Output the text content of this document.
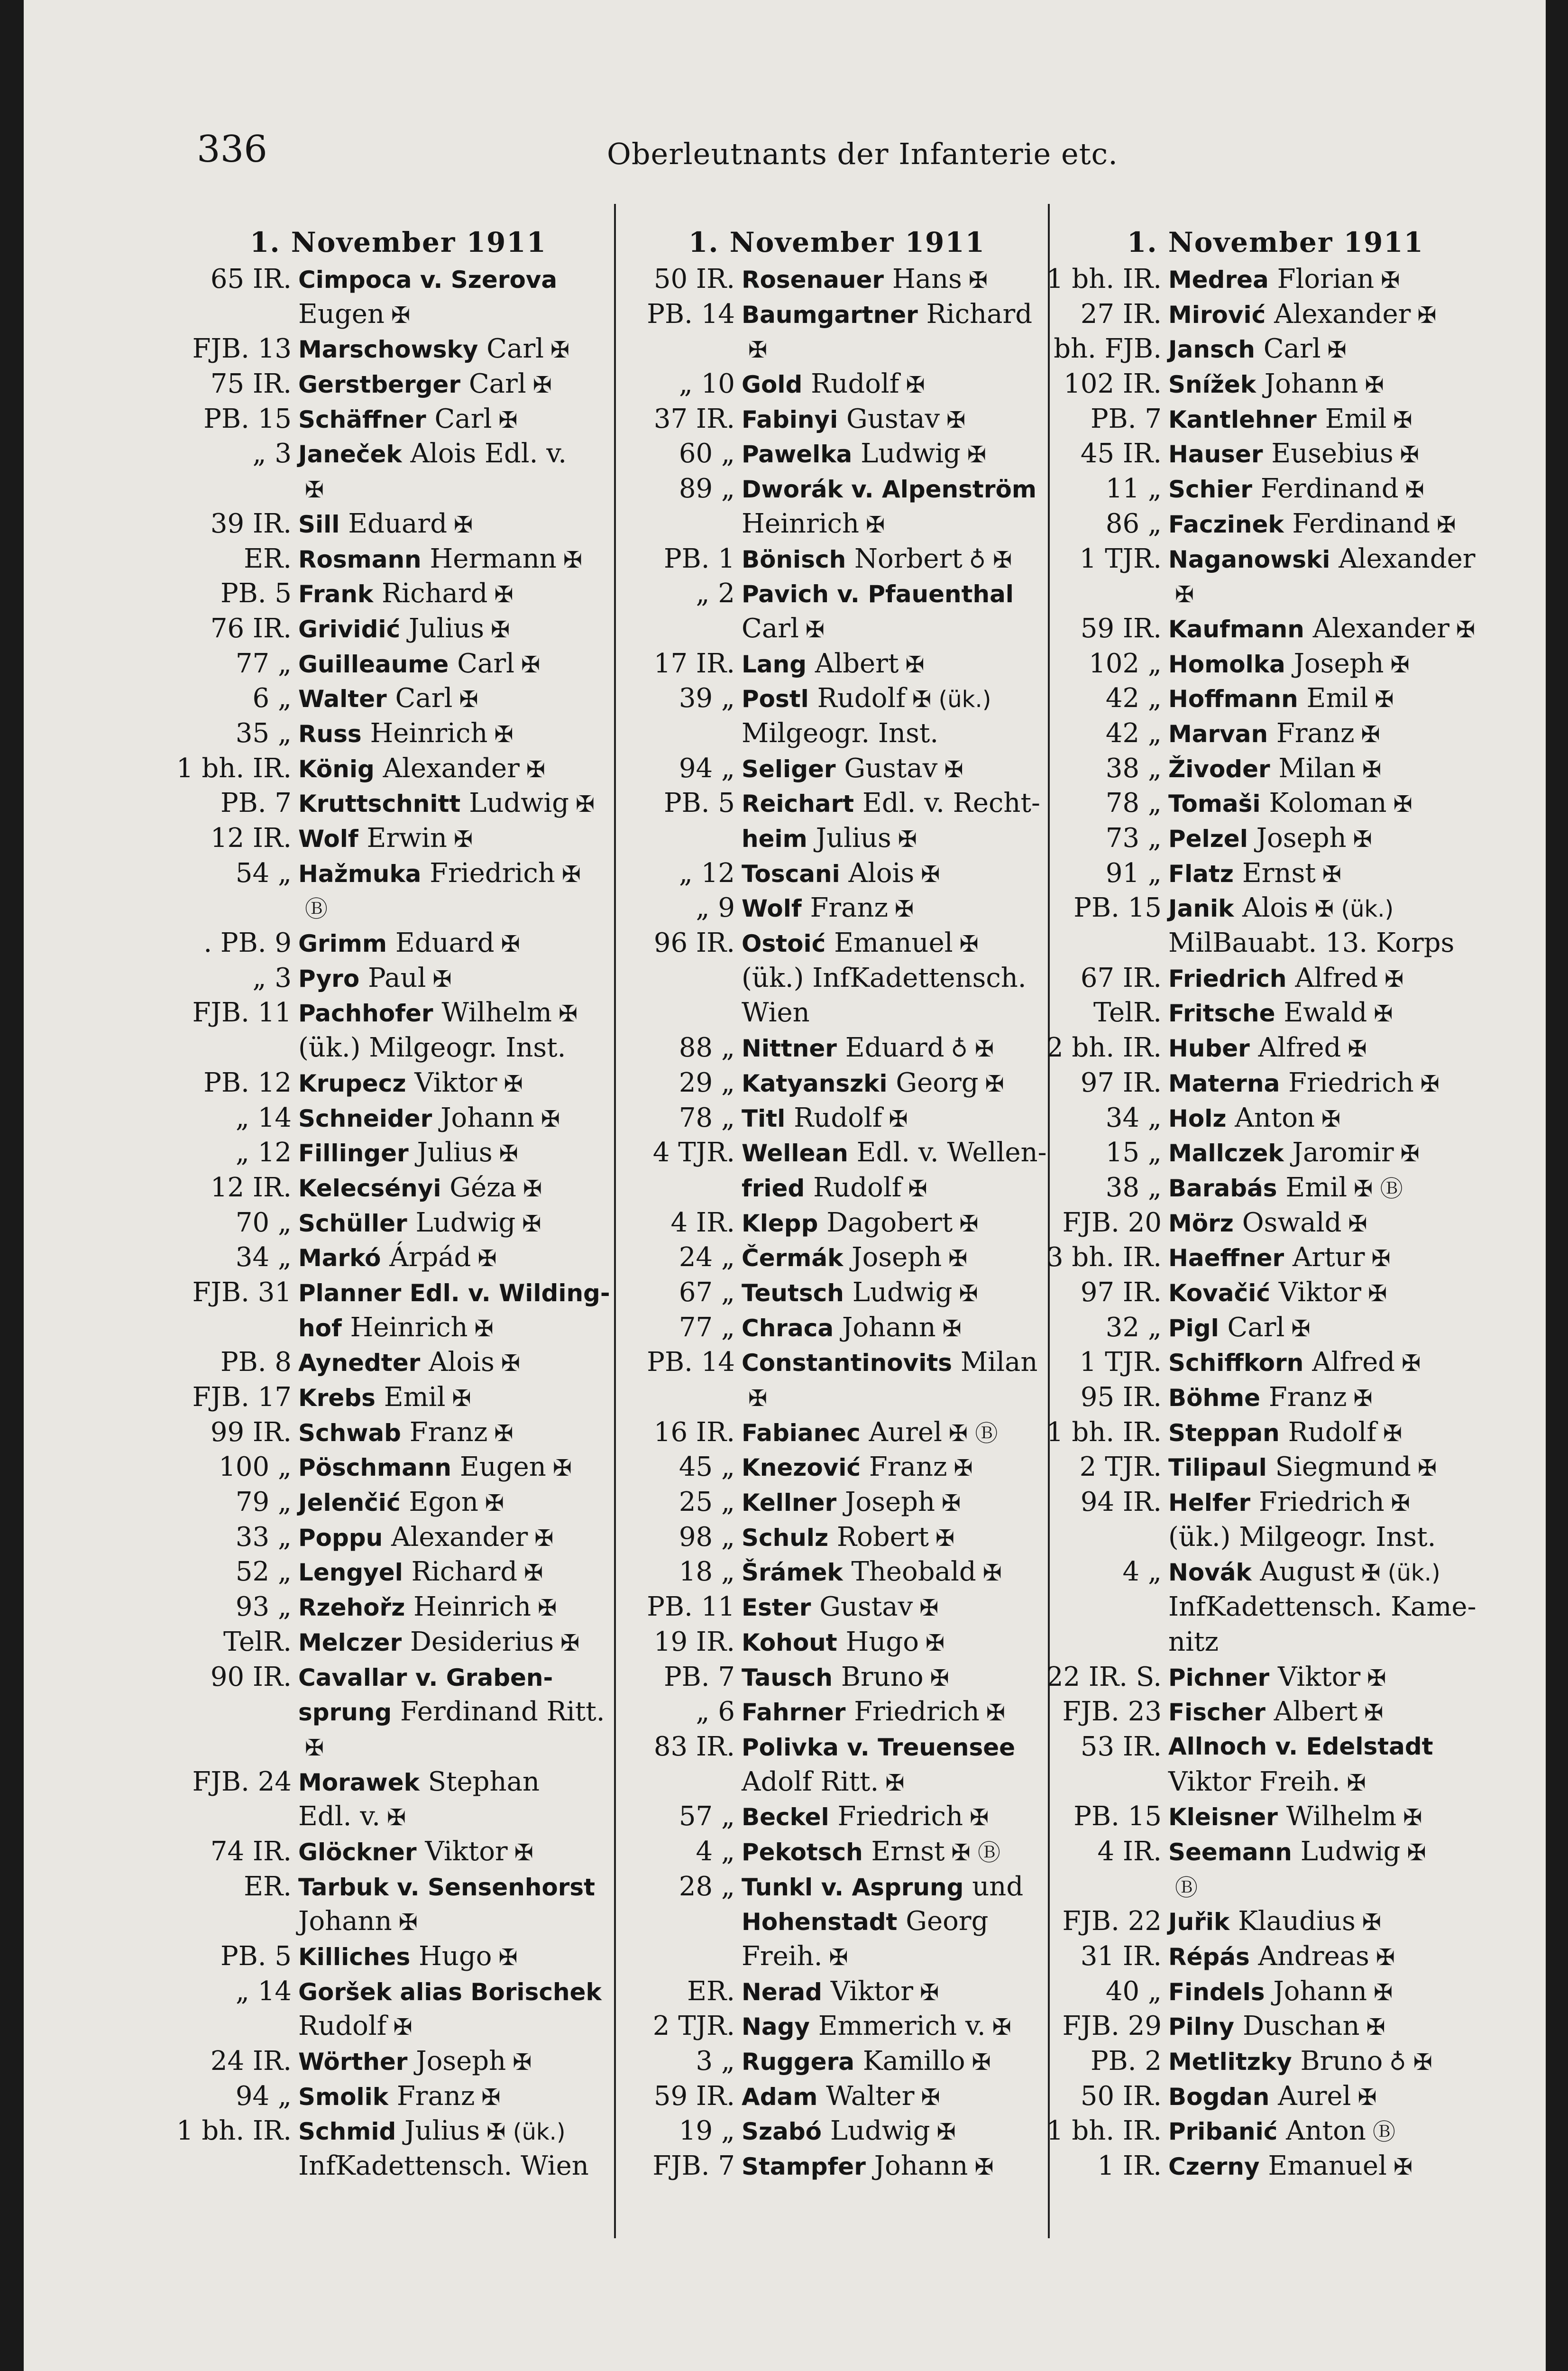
336	Oberleutnants der Infanterie etc.
1. November 1911
65 IR. Cimpoca v. Szerova
Eugen ✠
FJB. 13 Marschowsky Carl ✠
75 IR. Gerstberger Carl ✠
PB. 15 Schäffner Carl ✠
„ 3 Janeček Alois Edl. v.
✠
39 IR. Sill Eduard ✠
ER. Rosmann Hermann ✠
PB. 5 Frank Richard ✠
76 IR. Grividić Julius ✠
77 „ Guilleaume Carl ✠
6 „ Walter Carl ✠
35 „ Russ Heinrich ✠
1 bh. IR. König Alexander ✠
PB. 7 Kruttschnitt Ludwig ✠
12 IR. Wolf Erwin ✠
54 „ Hažmuka Friedrich ✠
Ⓑ
. PB. 9 Grimm Eduard ✠
„ 3 Pyro Paul ✠
FJB. 11 Pachhofer Wilhelm ✠
(ük.) Milgeogr. Inst.
PB. 12 Krupecz Viktor ✠
„ 14 Schneider Johann ✠
„ 12 Fillinger Julius ✠
12 IR. Kelecsényi Géza ✠
70 „ Schüller Ludwig ✠
34 „ Markó Árpád ✠
FJB. 31 Planner Edl. v. Wilding-
hof Heinrich ✠
PB. 8 Aynedter Alois ✠
FJB. 17 Krebs Emil ✠
99 IR. Schwab Franz ✠
100 „ Pöschmann Eugen ✠
79 „ Jelenčić Egon ✠
33 „ Poppu Alexander ✠
52 „ Lengyel Richard ✠
93 „ Rzehořz Heinrich ✠
TelR. Melczer Desiderius ✠
90 IR. Cavallar v. Graben-
sprung Ferdinand Ritt.
✠
FJB. 24 Morawek Stephan
Edl. v. ✠
74 IR. Glöckner Viktor ✠
ER. Tarbuk v. Sensenhorst
Johann ✠
PB. 5 Killiches Hugo ✠
„ 14 Goršek alias Borischek
Rudolf ✠
24 IR. Wörther Joseph ✠
94 „ Smolik Franz ✠
1 bh. IR. Schmid Julius ✠ (ük.)
InfKadettensch. Wien
1. November 1911
50 IR. Rosenauer Hans ✠
PB. 14 Baumgartner Richard
✠
„ 10 Gold Rudolf ✠
37 IR. Fabinyi Gustav ✠
60 „ Pawelka Ludwig ✠
89 „ Dworák v. Alpenström
Heinrich ✠
PB. 1 Bönisch Norbert ♁ ✠
„ 2 Pavich v. Pfauenthal
Carl ✠
17 IR. Lang Albert ✠
39 „ Postl Rudolf ✠ (ük.)
Milgeogr. Inst.
94 „ Seliger Gustav ✠
PB. 5 Reichart Edl. v. Recht-
heim Julius ✠
„ 12 Toscani Alois ✠
„ 9 Wolf Franz ✠
96 IR. Ostoić Emanuel ✠
(ük.) InfKadettensch.
Wien
88 „ Nittner Eduard ♁ ✠
29 „ Katyanszki Georg ✠
78 „ Titl Rudolf ✠
4 TJR. Wellean Edl. v. Wellen-
fried Rudolf ✠
4 IR. Klepp Dagobert ✠
24 „ Čermák Joseph ✠
67 „ Teutsch Ludwig ✠
77 „ Chraca Johann ✠
PB. 14 Constantinovits Milan
✠
16 IR. Fabianec Aurel ✠ Ⓑ
45 „ Knezović Franz ✠
25 „ Kellner Joseph ✠
98 „ Schulz Robert ✠
18 „ Šrámek Theobald ✠
PB. 11 Ester Gustav ✠
19 IR. Kohout Hugo ✠
PB. 7 Tausch Bruno ✠
„ 6 Fahrner Friedrich ✠
83 IR. Polivka v. Treuensee
Adolf Ritt. ✠
57 „ Beckel Friedrich ✠
4 „ Pekotsch Ernst ✠ Ⓑ
28 „ Tunkl v. Asprung und
Hohenstadt Georg
Freih. ✠
ER. Nerad Viktor ✠
2 TJR. Nagy Emmerich v. ✠
3 „ Ruggera Kamillo ✠
59 IR. Adam Walter ✠
19 „ Szabó Ludwig ✠
FJB. 7 Stampfer Johann ✠
1. November 1911
1 bh. IR. Medrea Florian ✠
27 IR. Mirović Alexander ✠
bh. FJB. Jansch Carl ✠
102 IR. Snížek Johann ✠
PB. 7 Kantlehner Emil ✠
45 IR. Hauser Eusebius ✠
11 „ Schier Ferdinand ✠
86 „ Faczinek Ferdinand ✠
1 TJR. Naganowski Alexander
✠
59 IR. Kaufmann Alexander ✠
102 „ Homolka Joseph ✠
42 „ Hoffmann Emil ✠
42 „ Marvan Franz ✠
38 „ Živoder Milan ✠
78 „ Tomaši Koloman ✠
73 „ Pelzel Joseph ✠
91 „ Flatz Ernst ✠
PB. 15 Janik Alois ✠ (ük.)
MilBauabt. 13. Korps
67 IR. Friedrich Alfred ✠
TelR. Fritsche Ewald ✠
2 bh. IR. Huber Alfred ✠
97 IR. Materna Friedrich ✠
34 „ Holz Anton ✠
15 „ Mallczek Jaromir ✠
38 „ Barabás Emil ✠ Ⓑ
FJB. 20 Mörz Oswald ✠
3 bh. IR. Haeffner Artur ✠
97 IR. Kovačić Viktor ✠
32 „ Pigl Carl ✠
1 TJR. Schiffkorn Alfred ✠
95 IR. Böhme Franz ✠
1 bh. IR. Steppan Rudolf ✠
2 TJR. Tilipaul Siegmund ✠
94 IR. Helfer Friedrich ✠
(ük.) Milgeogr. Inst.
4 „ Novák August ✠ (ük.)
InfKadettensch. Kame-
nitz
22 IR. S. Pichner Viktor ✠
FJB. 23 Fischer Albert ✠
53 IR. Allnoch v. Edelstadt
Viktor Freih. ✠
PB. 15 Kleisner Wilhelm ✠
4 IR. Seemann Ludwig ✠
Ⓑ
FJB. 22 Juřik Klaudius ✠
31 IR. Répás Andreas ✠
40 „ Findels Johann ✠
FJB. 29 Pilny Duschan ✠
PB. 2 Metlitzky Bruno ♁ ✠
50 IR. Bogdan Aurel ✠
1 bh. IR. Pribanić Anton Ⓑ
1 IR. Czerny Emanuel ✠
